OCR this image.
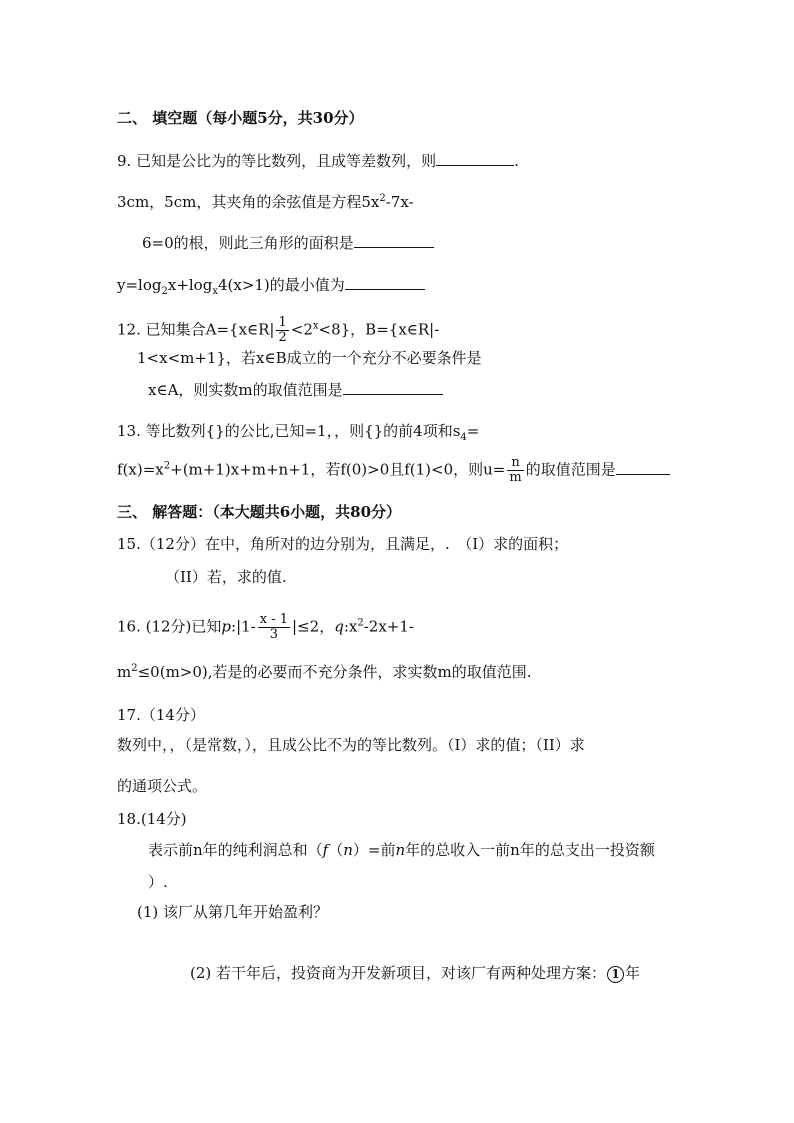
二、 填空题（每小题5分，共30分）
9. 已知是公比为的等比数列，且成等差数列，则	.
3cm，5cm，其夹角的余弦值是方程$5x^2-7x-$
6=0的根，则此三角形的面积是
$y=\log_2x+\log_x4(x>1)$的最小值为
12. 已知集合A={x∈R| $\frac{1}{2} <2^x<8$}，B={x∈R|-
1<x<m+1}，若x∈B成立的一个充分不必要条件是
x∈A，则实数m的取值范围是
13. 等比数列{}的公比,已知=1，，则{}的前4项和$s_4=$
$f(x)=x^2+(m+1)x+m+n+1$，若f(0)>0且f(1)<0，则$u= \frac{n}{m}$ 的取值范围是
三、 解答题：（本大题共6小题，共80分）
15.（12分）在中，角所对的边分别为，且满足，.　（I）求的面积；
（II）若，求的值.
16. (12分)已知p:|1- $\frac{x - 1}{3} |\le 2$，$q:x^2-2x+1-$
$m^2\le 0(m>0)$,若是的必要而不充分条件，求实数m的取值范围.
17.（14分）
数列中，，（是常数，），且成公比不为的等比数列。（I）求的值；（II）求
的通项公式。
18.(14分)
表示前n年的纯利润总和（f（n）=前n年的总收入一前n年的总支出一投资额
）.
(1) 该厂从第几年开始盈利？
(2) 若干年后，投资商为开发新项目，对该厂有两种处理方案： 1 年
